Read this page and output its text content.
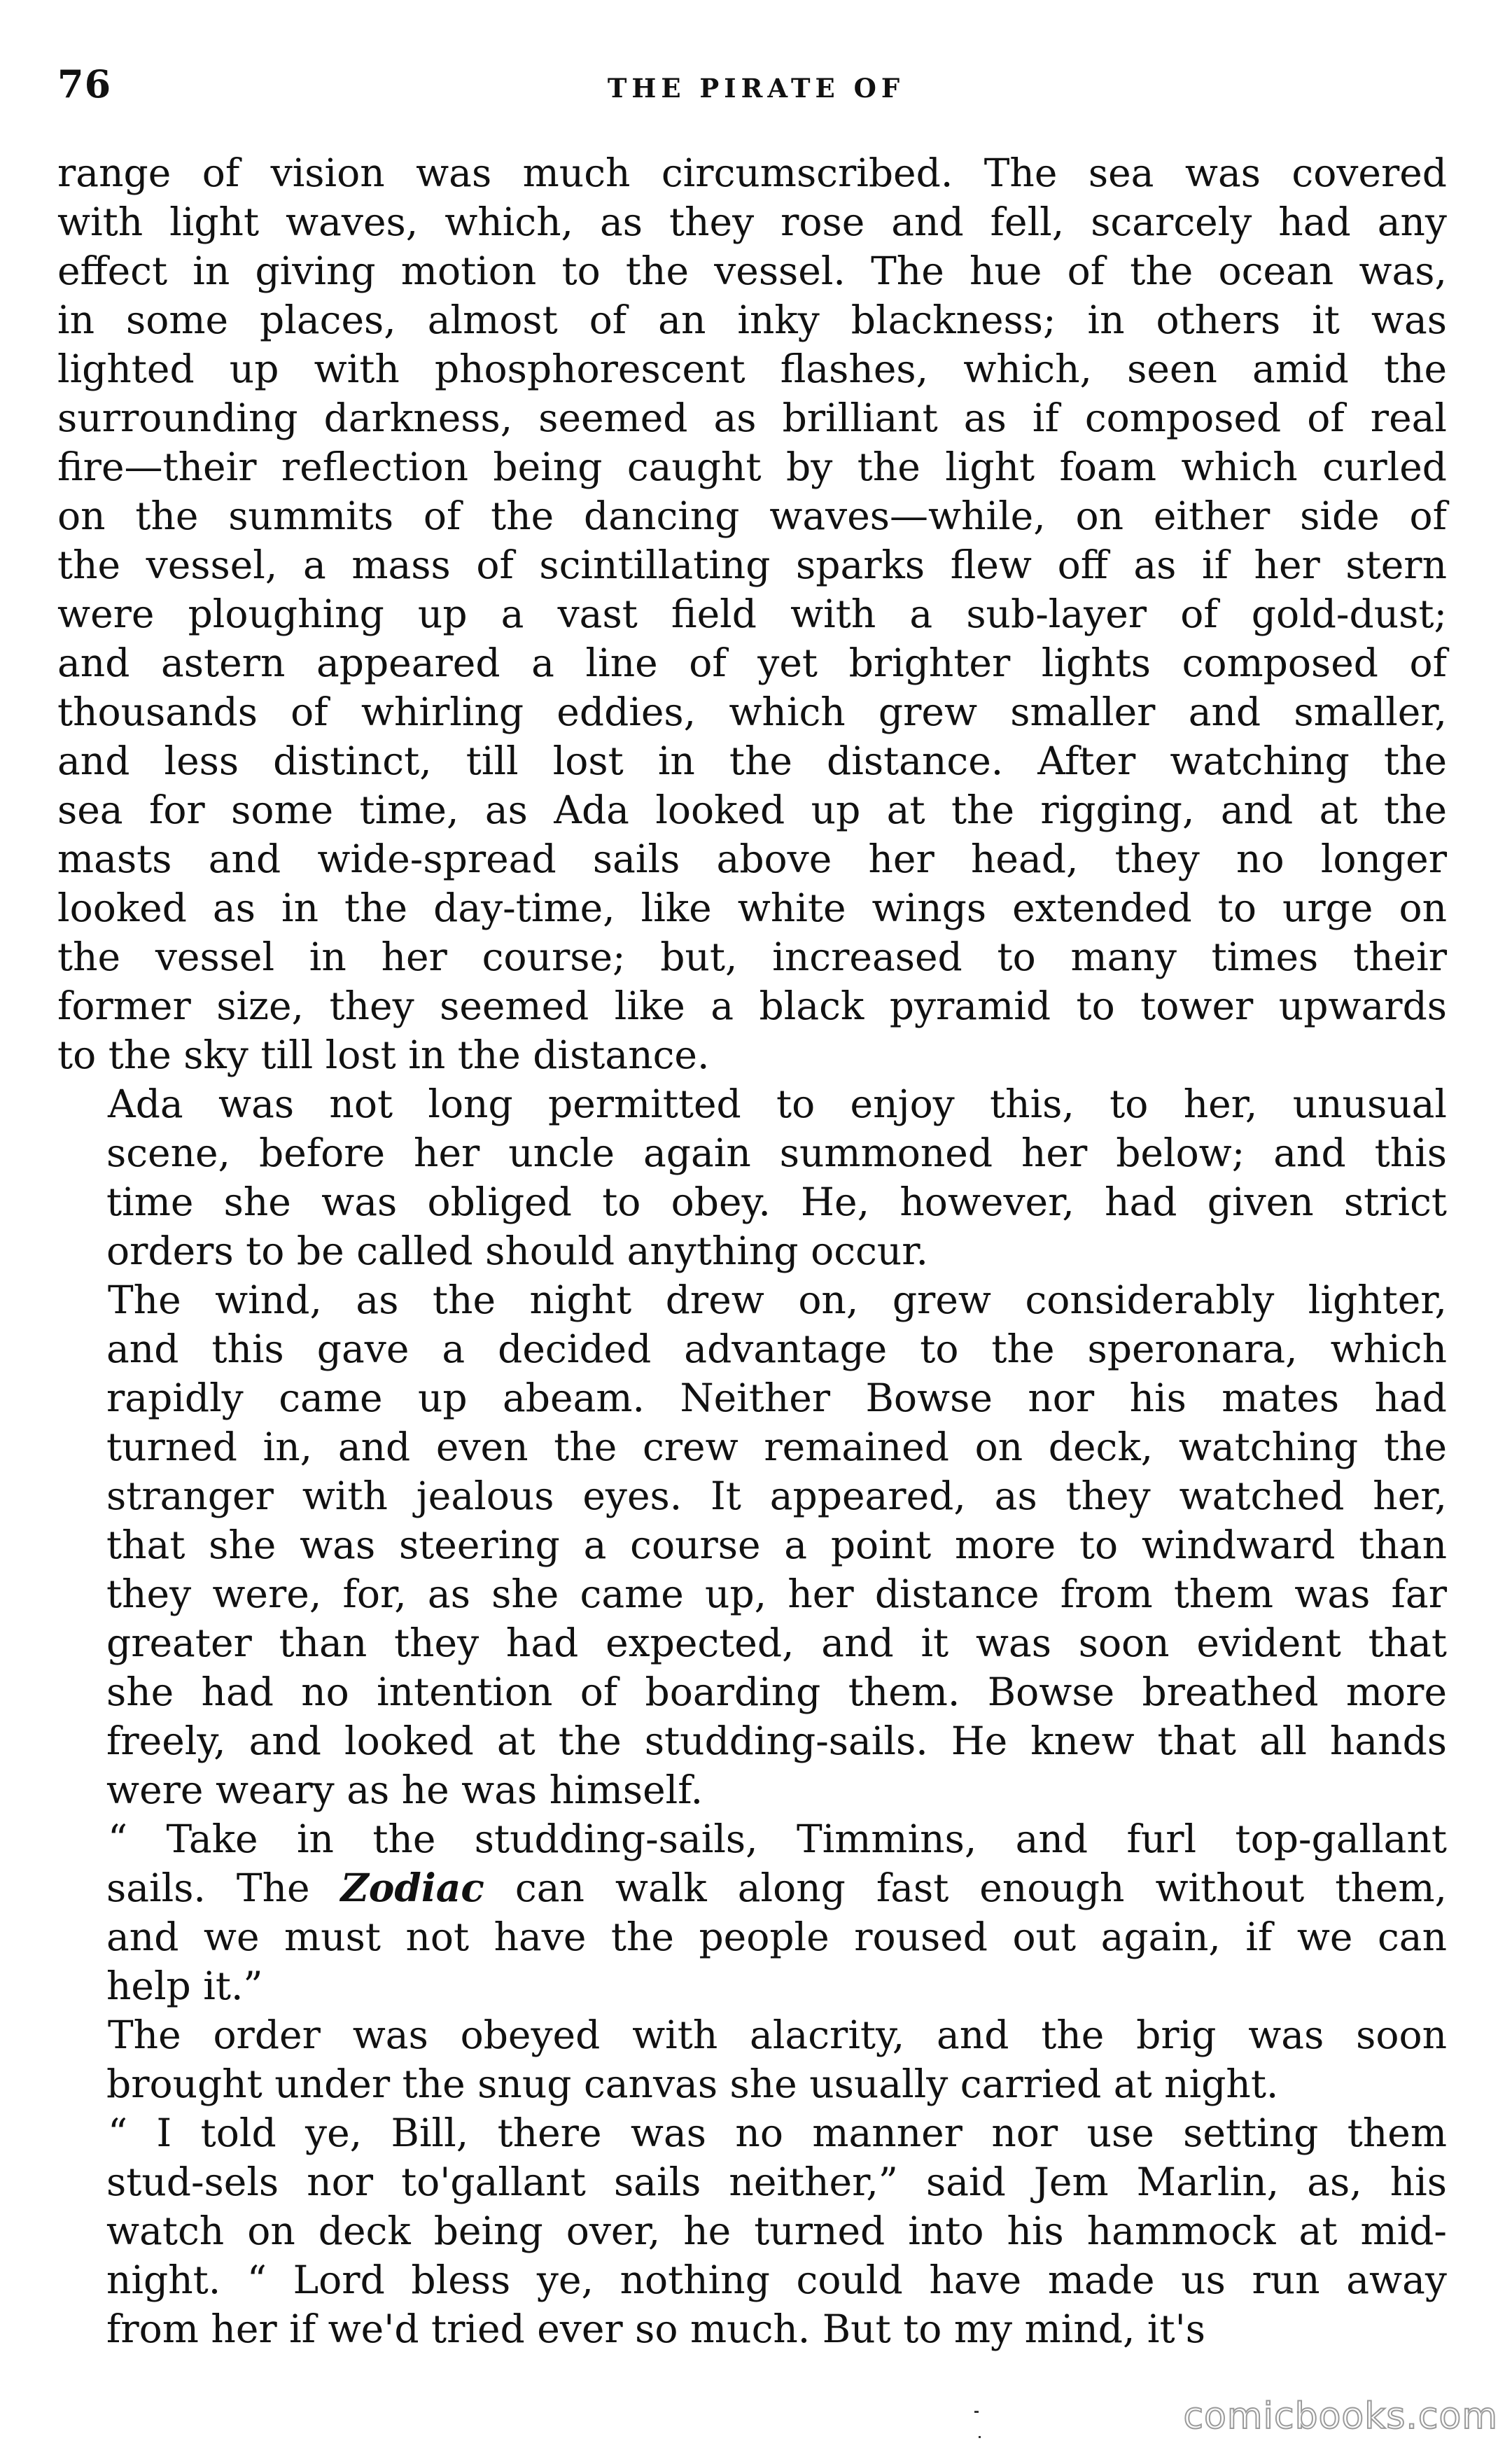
76	THE PIRATE OF

range of vision was much circumscribed. The sea was covered
with light waves, which, as they rose and fell, scarcely had any
effect in giving motion to the vessel. The hue of the ocean was,
in some places, almost of an inky blackness; in others it was
lighted up with phosphorescent flashes, which, seen amid the
surrounding darkness, seemed as brilliant as if composed of real
fire—their reflection being caught by the light foam which curled
on the summits of the dancing waves—while, on either side of
the vessel, a mass of scintillating sparks flew off as if her stern
were ploughing up a vast field with a sub-layer of gold-dust;
and astern appeared a line of yet brighter lights composed of
thousands of whirling eddies, which grew smaller and smaller,
and less distinct, till lost in the distance. After watching the
sea for some time, as Ada looked up at the rigging, and at the
masts and wide-spread sails above her head, they no longer
looked as in the day-time, like white wings extended to urge on
the vessel in her course; but, increased to many times their
former size, they seemed like a black pyramid to tower upwards
to the sky till lost in the distance.

Ada was not long permitted to enjoy this, to her, unusual
scene, before her uncle again summoned her below; and this
time she was obliged to obey. He, however, had given strict
orders to be called should anything occur.

The wind, as the night drew on, grew considerably lighter,
and this gave a decided advantage to the speronara, which
rapidly came up abeam. Neither Bowse nor his mates had
turned in, and even the crew remained on deck, watching the
stranger with jealous eyes. It appeared, as they watched her,
that she was steering a course a point more to windward than
they were, for, as she came up, her distance from them was far
greater than they had expected, and it was soon evident that
she had no intention of boarding them. Bowse breathed more
freely, and looked at the studding-sails. He knew that all hands
were weary as he was himself.

“ Take in the studding-sails, Timmins, and furl top-gallant
sails. The Zodiac can walk along fast enough without them,
and we must not have the people roused out again, if we can
help it.”

The order was obeyed with alacrity, and the brig was soon
brought under the snug canvas she usually carried at night.

“ I told ye, Bill, there was no manner nor use setting them
stud-sels nor to'gallant sails neither,” said Jem Marlin, as, his
watch on deck being over, he turned into his hammock at mid-
night. “ Lord bless ye, nothing could have made us run away
from her if we'd tried ever so much. But to my mind, it's

comicbooks.com
